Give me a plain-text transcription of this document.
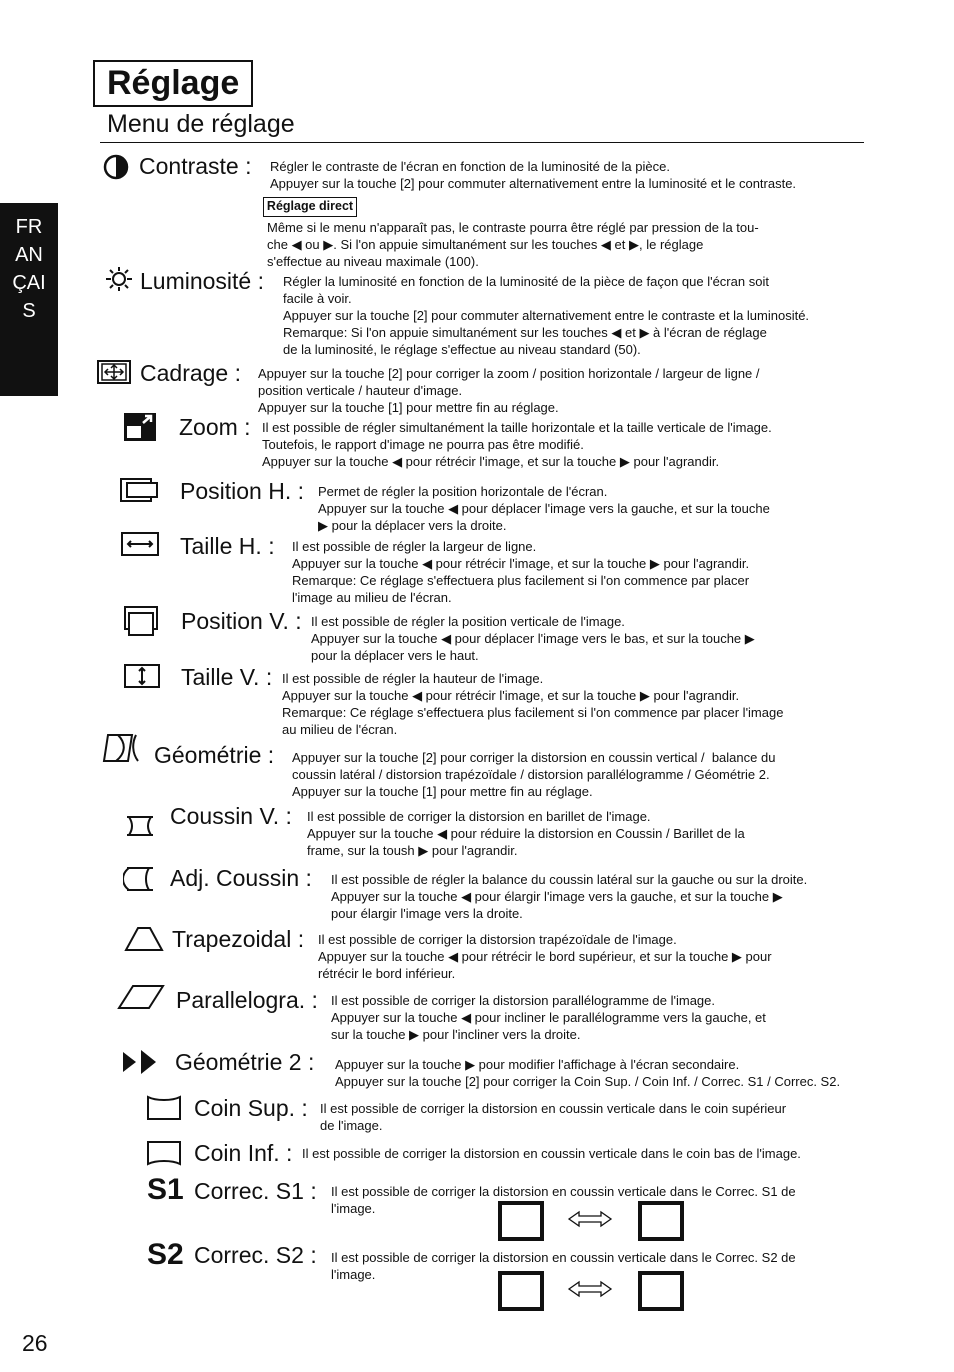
Réglage
Menu de réglage
FRANÇAIS
Contraste : Régler le contraste de l'écran en fonction de la luminosité de la pièce.
Appuyer sur la touche [2] pour commuter alternativement entre la luminosité et le contraste.
Réglage direct
Même si le menu n'apparaît pas, le contraste pourra être réglé par pression de la tou-
che ◀ ou ▶. Si l'on appuie simultanément sur les touches ◀ et ▶, le réglage
s'effectue au niveau maximale (100).
Luminosité : Régler la luminosité en fonction de la luminosité de la pièce de façon que l'écran soit
facile à voir.
Appuyer sur la touche [2] pour commuter alternativement entre le contraste et la luminosité.
Remarque: Si l'on appuie simultanément sur les touches ◀ et ▶ à l'écran de réglage
de la luminosité, le réglage s'effectue au niveau standard (50).
Cadrage : Appuyer sur la touche [2] pour corriger la zoom / position horizontale / largeur de ligne /
position verticale / hauteur d'image.
Appuyer sur la touche [1] pour mettre fin au réglage.
Zoom : Il est possible de régler simultanément la taille horizontale et la taille verticale de l'image.
Toutefois, le rapport d'image ne pourra pas être modifié.
Appuyer sur la touche ◀ pour rétrécir l'image, et sur la touche ▶ pour l'agrandir.
Position H. : Permet de régler la position horizontale de l'écran.
Appuyer sur la touche ◀ pour déplacer l'image vers la gauche, et sur la touche
▶ pour la déplacer vers la droite.
Taille H. : Il est possible de régler la largeur de ligne.
Appuyer sur la touche ◀ pour rétrécir l'image, et sur la touche ▶ pour l'agrandir.
Remarque: Ce réglage s'effectuera plus facilement si l'on commence par placer
l'image au milieu de l'écran.
Position V. : Il est possible de régler la position verticale de l'image.
Appuyer sur la touche ◀ pour déplacer l'image vers le bas, et sur la touche ▶
pour la déplacer vers le haut.
Taille V. : Il est possible de régler la hauteur de l'image.
Appuyer sur la touche ◀ pour rétrécir l'image, et sur la touche ▶ pour l'agrandir.
Remarque: Ce réglage s'effectuera plus facilement si l'on commence par placer l'image
au milieu de l'écran.
Géométrie : Appuyer sur la touche [2] pour corriger la distorsion en coussin vertical /  balance du
coussin latéral / distorsion trapézoïdale / distorsion parallélogramme / Géométrie 2.
Appuyer sur la touche [1] pour mettre fin au réglage.
Coussin V. : Il est possible de corriger la distorsion en barillet de l'image.
Appuyer sur la touche ◀ pour réduire la distorsion en Coussin / Barillet de la
frame, sur la toush ▶ pour l'agrandir.
Adj. Coussin : Il est possible de régler la balance du coussin latéral sur la gauche ou sur la droite.
Appuyer sur la touche ◀ pour élargir l'image vers la gauche, et sur la touche ▶
pour élargir l'image vers la droite.
Trapezoidal : Il est possible de corriger la distorsion trapézoïdale de l'image.
Appuyer sur la touche ◀ pour rétrécir le bord supérieur, et sur la touche ▶ pour
rétrécir le bord inférieur.
Parallelogra. : Il est possible de corriger la distorsion parallélogramme de l'image.
Appuyer sur la touche ◀ pour incliner le parallélogramme vers la gauche, et
sur la touche ▶ pour l'incliner vers la droite.
Géométrie 2 : Appuyer sur la touche ▶ pour modifier l'affichage à l'écran secondaire.
Appuyer sur la touche [2] pour corriger la Coin Sup. / Coin Inf. / Correc. S1 / Correc. S2.
Coin Sup. : Il est possible de corriger la distorsion en coussin verticale dans le coin supérieur
de l'image.
Coin Inf. : Il est possible de corriger la distorsion en coussin verticale dans le coin bas de l'image.
S1 Correc. S1 : Il est possible de corriger la distorsion en coussin verticale dans le Correc. S1 de
l'image.
S2 Correc. S2 : Il est possible de corriger la distorsion en coussin verticale dans le Correc. S2 de
l'image.
26
